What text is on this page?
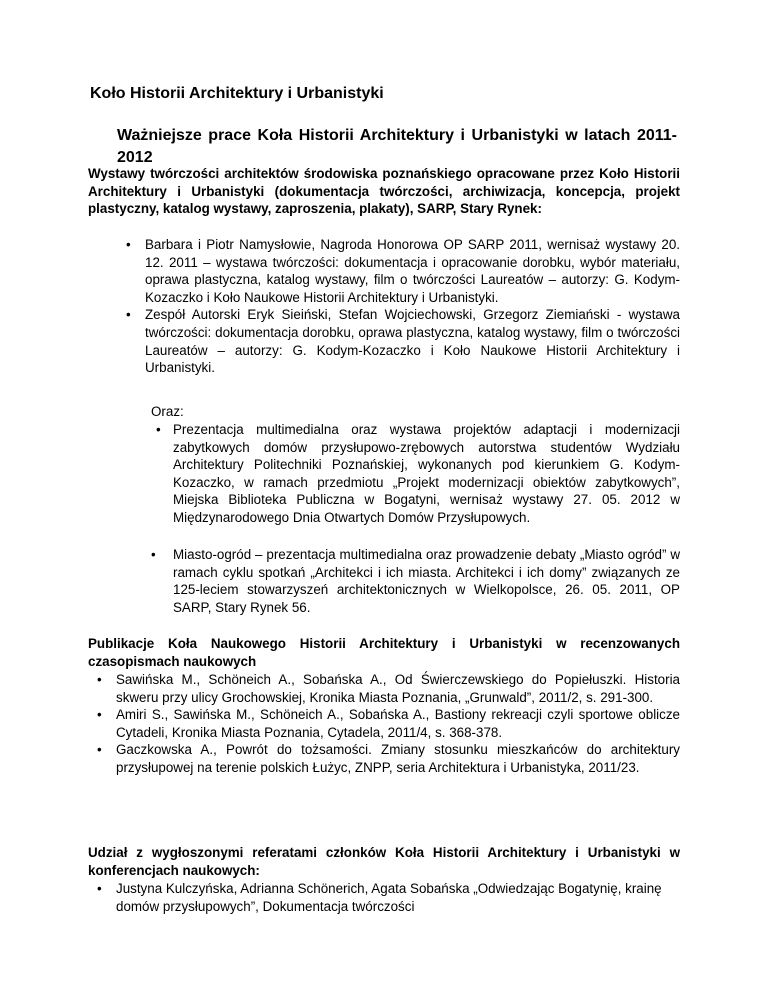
Koło Historii Architektury i Urbanistyki
Ważniejsze prace Koła Historii Architektury i Urbanistyki w latach 2011-2012
Wystawy twórczości architektów środowiska poznańskiego opracowane przez Koło Historii Architektury i Urbanistyki (dokumentacja twórczości, archiwizacja, koncepcja, projekt plastyczny, katalog wystawy, zaproszenia, plakaty), SARP, Stary Rynek:
• Barbara i Piotr Namysłowie, Nagroda Honorowa OP SARP 2011, wernisaż wystawy 20. 12. 2011 – wystawa twórczości: dokumentacja i opracowanie dorobku, wybór materiału, oprawa plastyczna, katalog wystawy, film o twórczości Laureatów – autorzy: G. Kodym-Kozaczko i Koło Naukowe Historii Architektury i Urbanistyki.
• Zespół Autorski Eryk Sieiński, Stefan Wojciechowski, Grzegorz Ziemiański - wystawa twórczości: dokumentacja dorobku, oprawa plastyczna, katalog wystawy, film o twórczości Laureatów – autorzy: G. Kodym-Kozaczko i Koło Naukowe Historii Architektury i Urbanistyki.
Oraz:
• Prezentacja multimedialna oraz wystawa projektów adaptacji i modernizacji zabytkowych domów przysłupowo-zrębowych autorstwa studentów Wydziału Architektury Politechniki Poznańskiej, wykonanych pod kierunkiem G. Kodym-Kozaczko, w ramach przedmiotu „Projekt modernizacji obiektów zabytkowych”, Miejska Biblioteka Publiczna w Bogatyni, wernisaż wystawy 27. 05. 2012 w Międzynarodowego Dnia Otwartych Domów Przysłupowych.
• Miasto-ogród – prezentacja multimedialna oraz prowadzenie debaty „Miasto ogród” w ramach cyklu spotkań „Architekci i ich miasta. Architekci i ich domy” związanych ze 125-leciem stowarzyszeń architektonicznych w Wielkopolsce, 26. 05. 2011, OP SARP, Stary Rynek 56.
Publikacje Koła Naukowego Historii Architektury i Urbanistyki w recenzowanych czasopismach naukowych
• Sawińska M., Schöneich A., Sobańska A., Od Świerczewskiego do Popiełuszki. Historia skweru przy ulicy Grochowskiej, Kronika Miasta Poznania, „Grunwald”, 2011/2, s. 291-300.
• Amiri S., Sawińska M., Schöneich A., Sobańska A., Bastiony rekreacji czyli sportowe oblicze Cytadeli, Kronika Miasta Poznania, Cytadela, 2011/4, s. 368-378.
• Gaczkowska A., Powrót do tożsamości. Zmiany stosunku mieszkańców do architektury przysłupowej na terenie polskich Łużyc, ZNPP, seria Architektura i Urbanistyka, 2011/23.
Udział z wygłoszonymi referatami członków Koła Historii Architektury i Urbanistyki w konferencjach naukowych:
• Justyna Kulczyńska, Adrianna Schönerich, Agata Sobańska „Odwiedzając Bogatynię, krainę domów przysłupowych”, Dokumentacja twórczości
